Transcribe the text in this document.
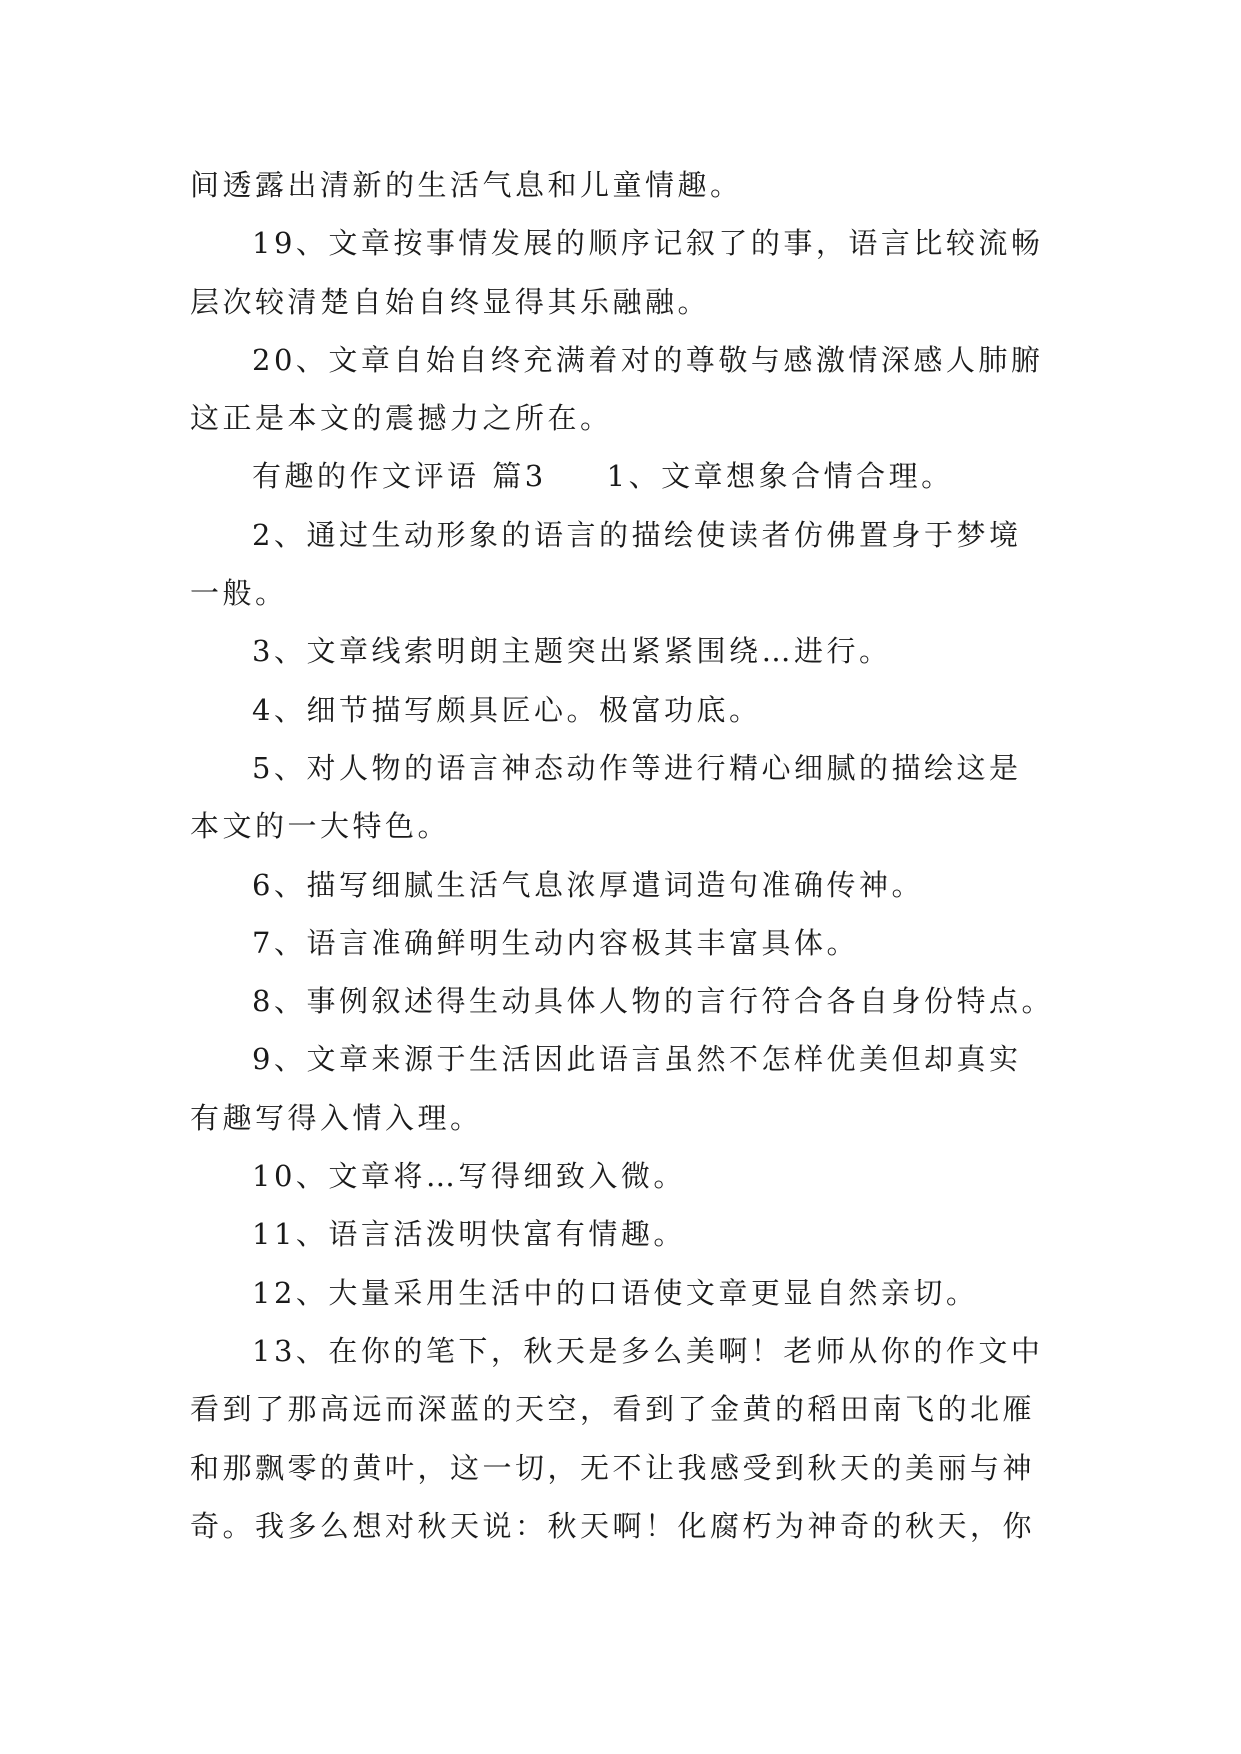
间透露出清新的生活气息和儿童情趣。
19、文章按事情发展的顺序记叙了的事，语言比较流畅
层次较清楚自始自终显得其乐融融。
20、文章自始自终充满着对的尊敬与感激情深感人肺腑
这正是本文的震撼力之所在。
有趣的作文评语 篇3 1、文章想象合情合理。
2、通过生动形象的语言的描绘使读者仿佛置身于梦境
一般。
3、文章线索明朗主题突出紧紧围绕…进行。
4、细节描写颇具匠心。极富功底。
5、对人物的语言神态动作等进行精心细腻的描绘这是
本文的一大特色。
6、描写细腻生活气息浓厚遣词造句准确传神。
7、语言准确鲜明生动内容极其丰富具体。
8、事例叙述得生动具体人物的言行符合各自身份特点。
9、文章来源于生活因此语言虽然不怎样优美但却真实
有趣写得入情入理。
10、文章将…写得细致入微。
11、语言活泼明快富有情趣。
12、大量采用生活中的口语使文章更显自然亲切。
13、在你的笔下，秋天是多么美啊！老师从你的作文中
看到了那高远而深蓝的天空，看到了金黄的稻田南飞的北雁
和那飘零的黄叶，这一切，无不让我感受到秋天的美丽与神
奇。我多么想对秋天说：秋天啊！化腐朽为神奇的秋天，你
